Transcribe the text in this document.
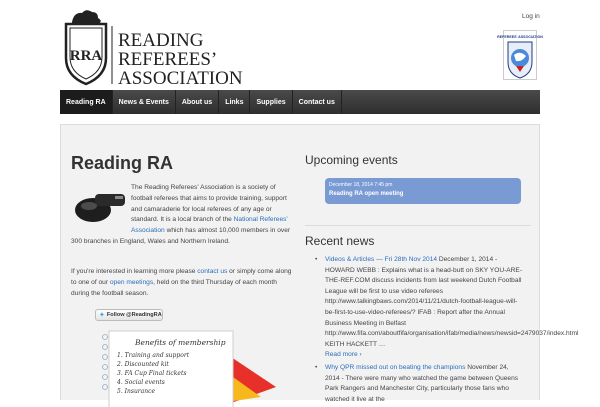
RRA
READING
REFEREES’
ASSOCIATION
Log in
REFEREES’ ASSOCIATION
Reading RA	News & Events	About us	Links	Supplies	Contact us
Reading RA

The Reading Referees' Association is a society of football referees that aims to provide training, support and camaraderie for local referees of any age or standard. It is a local branch of the National Referees' Association which has almost 10,000 members in over 300 branches in England, Wales and Northern Ireland.

If you're interested in learning more please contact us or simply come along to one of our open meetings, held on the third Thursday of each month during the football season.

✦ Follow @ReadingRA
Benefits of membership
1. Training and support
2. Discounted kit
3. FA Cup Final tickets
4. Social events
5. Insurance
Upcoming events
December 18, 2014 7:45 pm
Reading RA open meeting
Recent news
• Videos & Articles — Fri 28th Nov 2014 December 1, 2014 - HOWARD WEBB : Explains what is a head-butt on SKY YOU-ARE-THE-REF.COM discuss incidents from last weekend Dutch Football League will be first to use video referees http://www.talkingbaws.com/2014/11/21/dutch-football-league-will-be-first-to-use-video-referees/? IFAB : Report after the Annual Business Meeting in Belfast http://www.fifa.com/aboutfifa/organisation/ifab/media/news/newsid=2479037/index.html KEITH HACKETT …
Read more ›
• Why QPR missed out on beating the champions November 24, 2014 - There were many who watched the game between Queens Park Rangers and Manchester City, particularly those fans who watched it live at the
